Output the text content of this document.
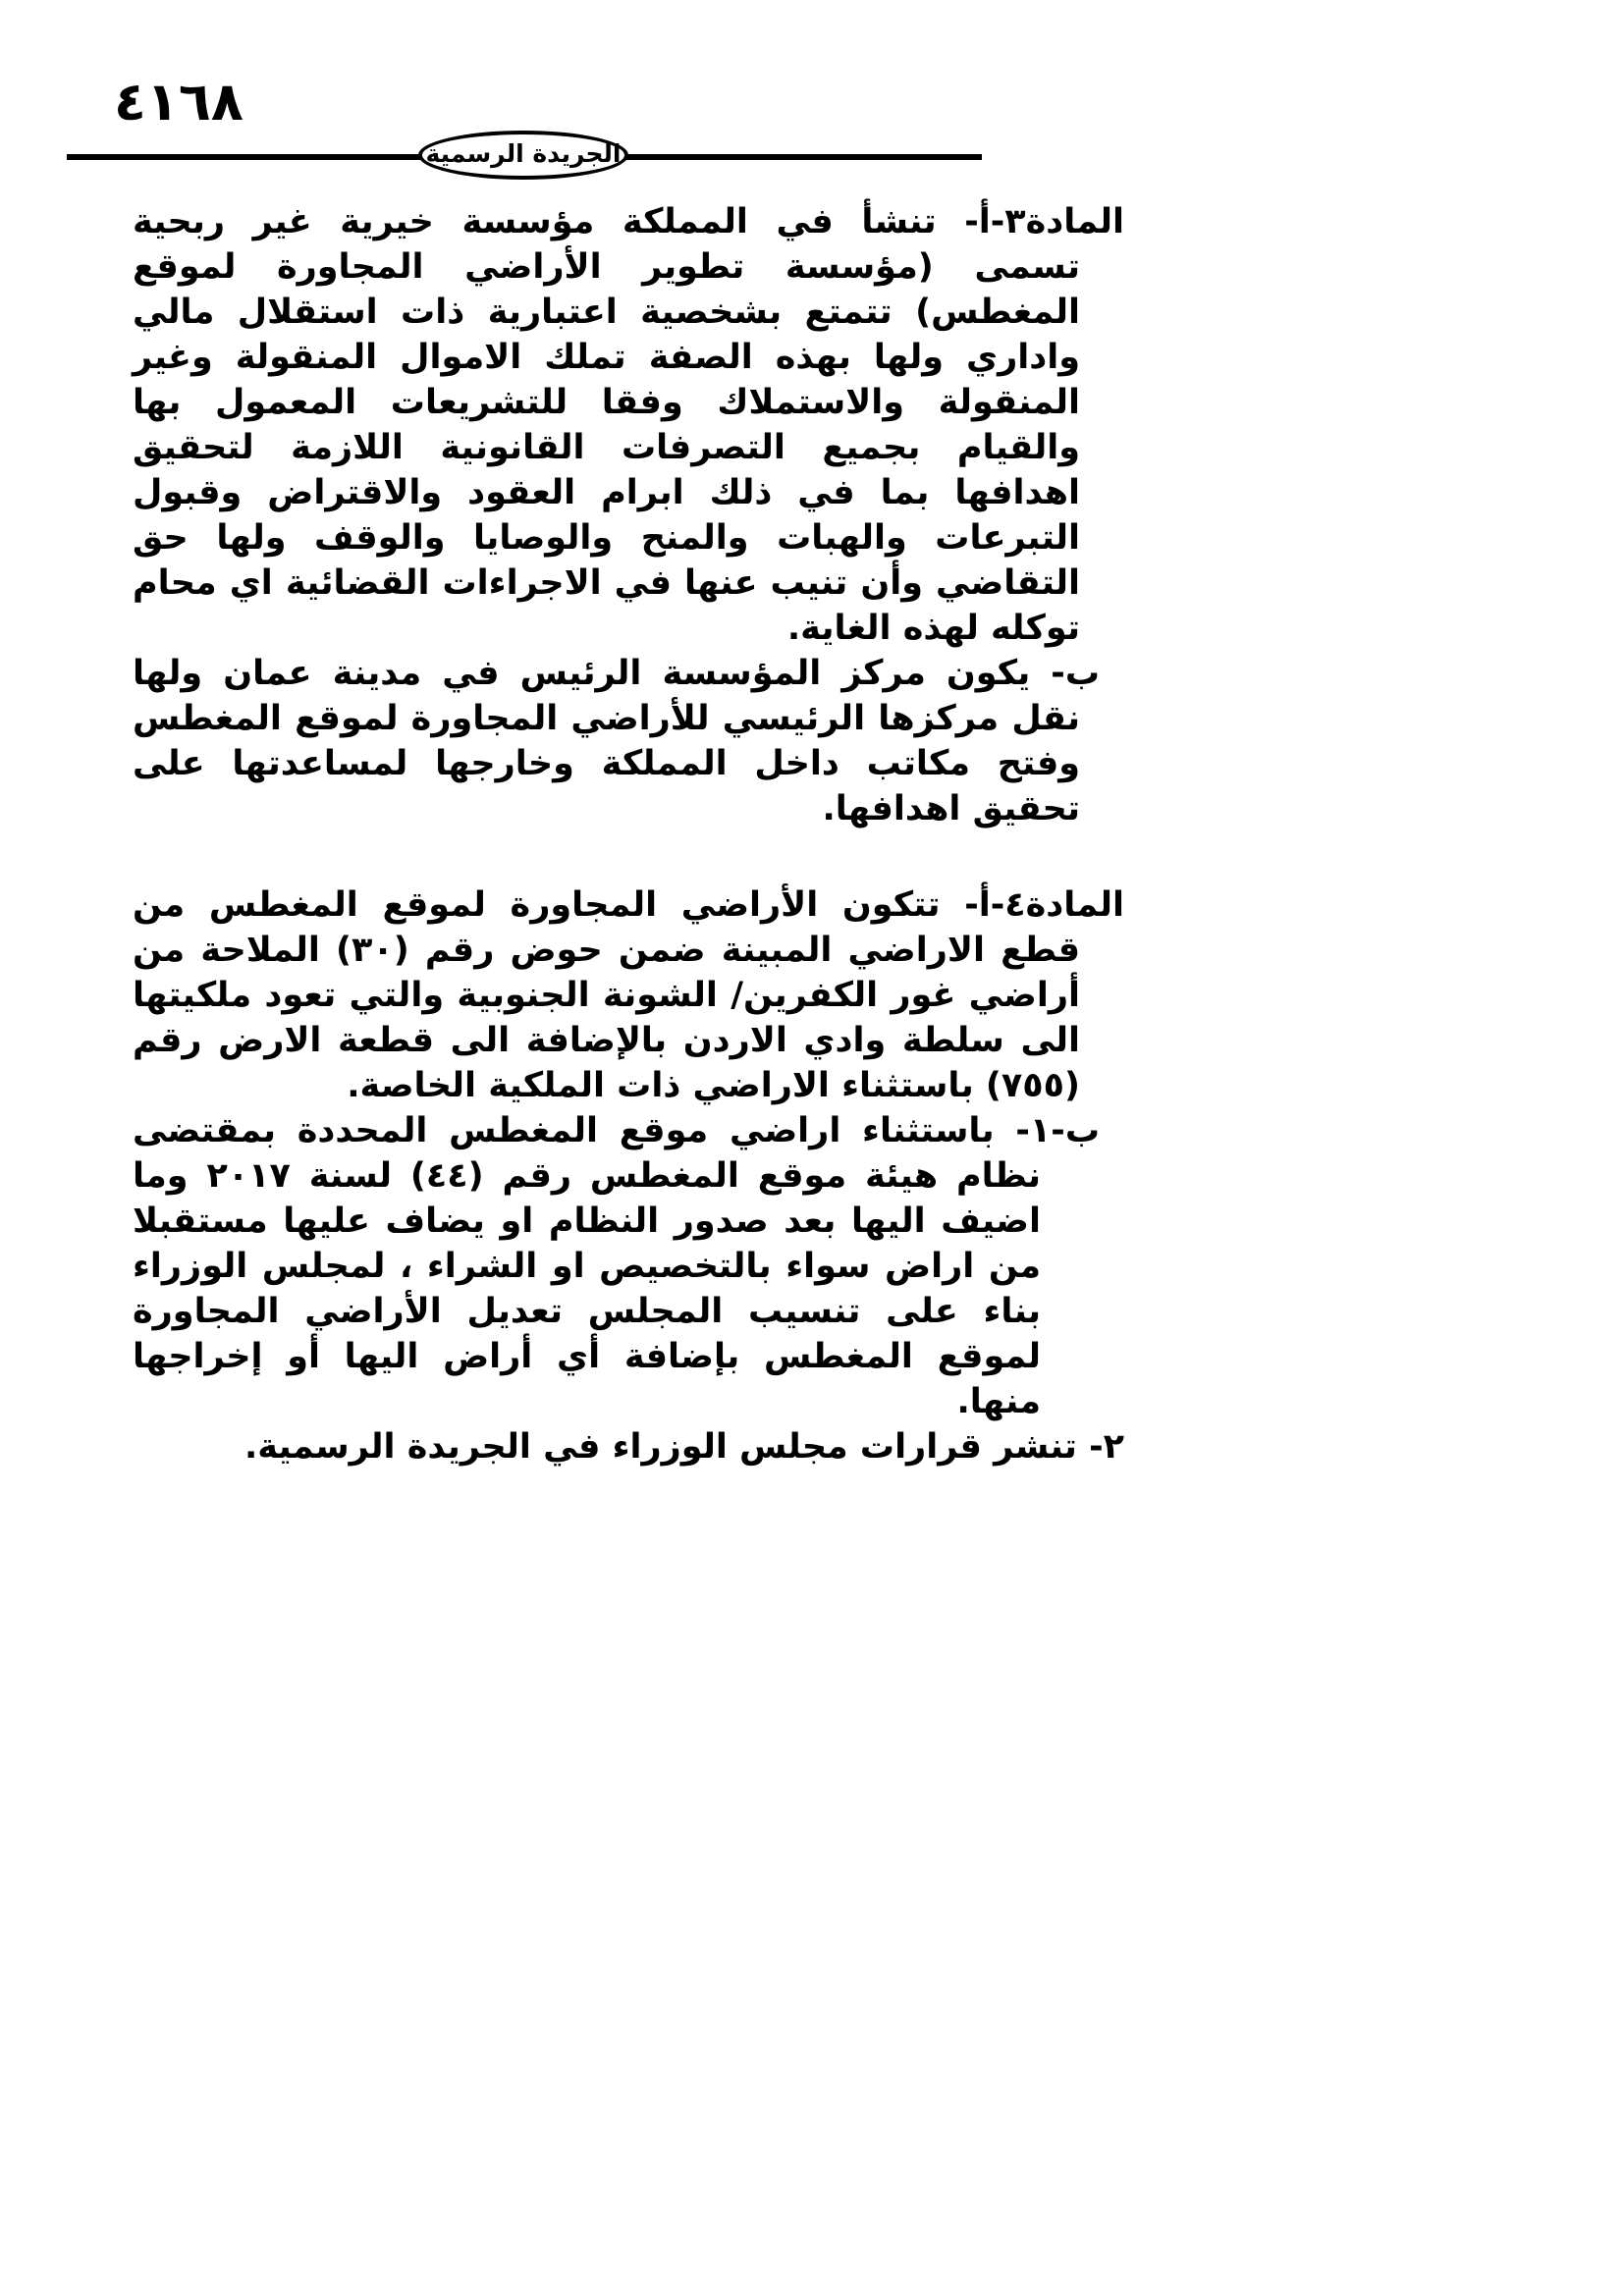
٤١٦٨
الجريدة الرسمية

المادة٣-أ- تنشأ في المملكة مؤسسة خيرية غير ربحية تسمى (مؤسسة تطوير الأراضي المجاورة لموقع المغطس) تتمتع بشخصية اعتبارية ذات استقلال مالي واداري ولها بهذه الصفة تملك الاموال المنقولة وغير المنقولة والاستملاك وفقا للتشريعات المعمول بها والقيام بجميع التصرفات القانونية اللازمة لتحقيق اهدافها بما في ذلك ابرام العقود والاقتراض وقبول التبرعات والهبات والمنح والوصايا والوقف ولها حق التقاضي وأن تنيب عنها في الاجراءات القضائية اي محام توكله لهذه الغاية.

ب- يكون مركز المؤسسة الرئيس في مدينة عمان ولها نقل مركزها الرئيسي للأراضي المجاورة لموقع المغطس وفتح مكاتب داخل المملكة وخارجها لمساعدتها على تحقيق اهدافها.

المادة٤-أ- تتكون الأراضي المجاورة لموقع المغطس من قطع الاراضي المبينة ضمن حوض رقم (٣٠) الملاحة من أراضي غور الكفرين/ الشونة الجنوبية والتي تعود ملكيتها الى سلطة وادي الاردن بالإضافة الى قطعة الارض رقم (٧٥٥) باستثناء الاراضي ذات الملكية الخاصة.

ب-١- باستثناء اراضي موقع المغطس المحددة بمقتضى نظام هيئة موقع المغطس رقم (٤٤) لسنة ٢٠١٧ وما اضيف اليها بعد صدور النظام او يضاف عليها مستقبلا من اراض سواء بالتخصيص او الشراء ، لمجلس الوزراء بناء على تنسيب المجلس تعديل الأراضي المجاورة لموقع المغطس بإضافة أي أراض اليها أو إخراجها منها.

٢- تنشر قرارات مجلس الوزراء في الجريدة الرسمية.
